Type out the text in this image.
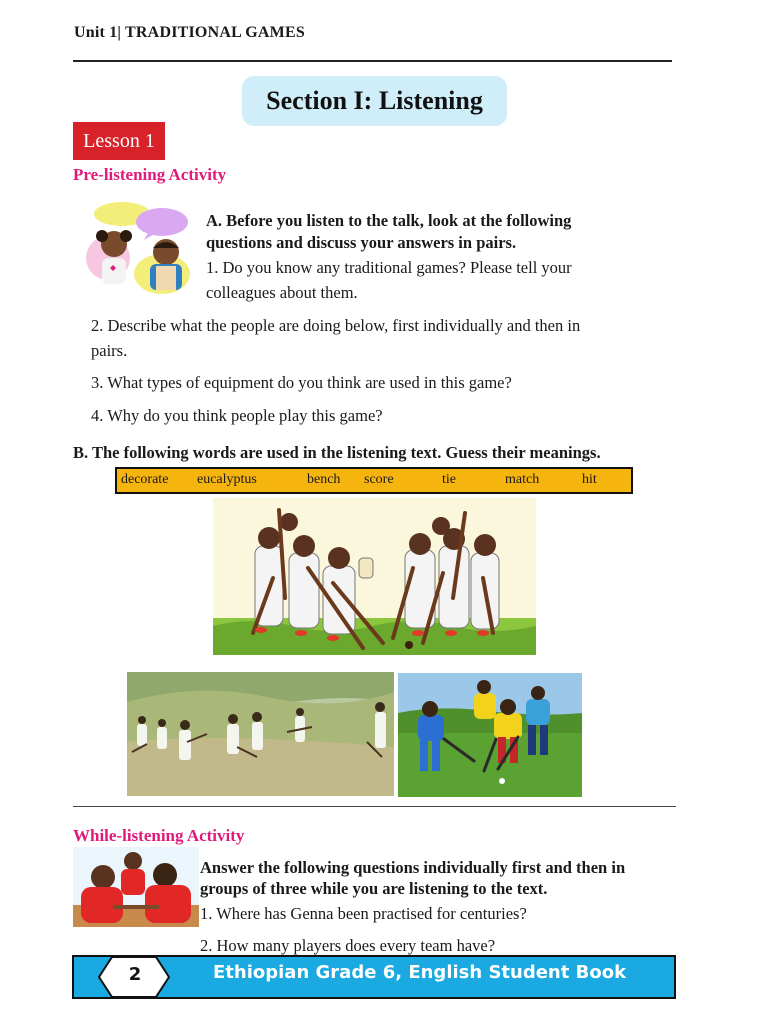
Unit 1| TRADITIONAL GAMES
Section I: Listening
Lesson 1
Pre-listening Activity
A. Before you listen to the talk, look at the following
questions and discuss your answers in pairs.
1. Do you know any traditional games? Please tell your
colleagues about them.
2. Describe what the people are doing below, first individually and then in
pairs.
3. What types of equipment do you think are used in this game?
4. Why do you think people play this game?
B. The following words are used in the listening text. Guess their meanings.
decorate eucalyptus	bench score	tie	match	hit
While-listening Activity
Answer the following questions individually first and then in
groups of three while you are listening to the text.
1. Where has Genna been practised for centuries?
2. How many players does every team have?
2	Ethiopian Grade 6, English Student Book
